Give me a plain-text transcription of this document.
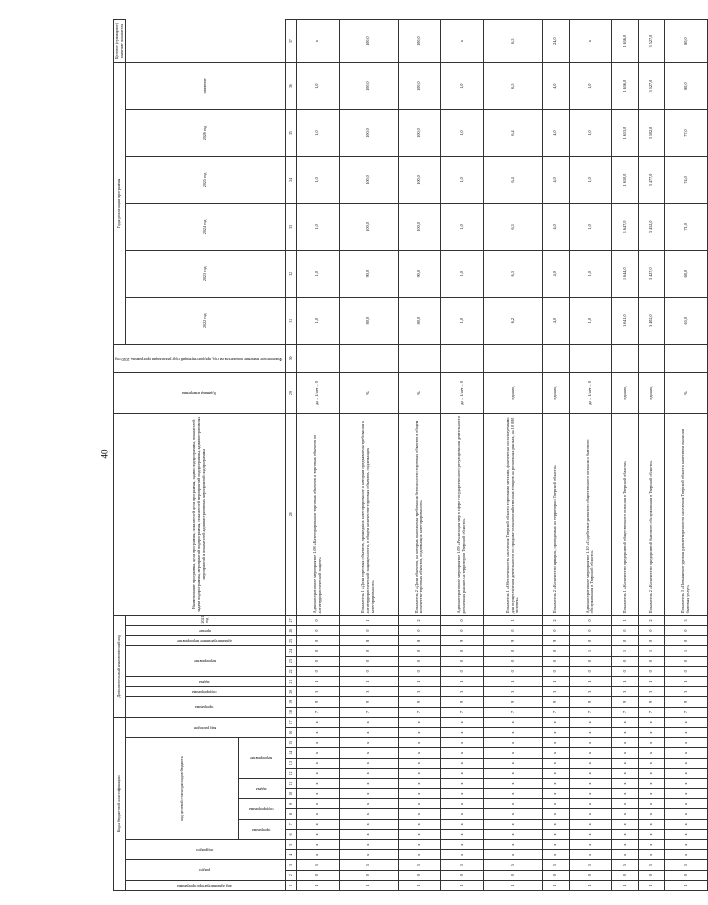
40
Коды бюджетной классификации																	Дополнительный аналитический код										Наименование программы, цели программы, показателей цели программы, задачи подпрограммы, показателей задачи подпрограммы, мероприятий подпрограммы, показателей мероприятий подпрограммы, административных мероприятий и показателей административных мероприятий подпрограммы	Единица измерения	Фактическое значение показателя на год, предшествующий году реализации программы, 2020 год	Годы реализации программы						Целевое (суммарное) значение показателя
код администратора программы	раздел		подраздел		код целевой статьи расходов бюджета										вид расходов		программа		подпрограмма	задача	мероприятие			административное мероприятие	прочие	2021 год				2022 год	2023 год	2024 год	2025 год	2026 год	значение	
					программа		подпрограмма		задача		мероприятие																									
1	2	3	4	5	6	7	8	9	10	11	12	13	14	15	16	17	18	19	20	21	22	23	24	25	26	27	28	29	30	31	32	33	34	35	36	37
1	0	5	х	х	х	х	х	х	х	х	х	х	х	х	х	х	7	9	3	1	0	0	0	0	0	0	Административное мероприятие 1.08 «Категорирование торговых объектов и торговых объектов по антитеррористической защите»	да – 1/нет – 0		1,0	1,0	1,0	1,0	1,0	1,0	х
1	0	5	х	х	х	х	х	х	х	х	х	х	х	х	х	х	7	9	3	1	0	0	0	8	0	1	Показатель 1 «Доля торговых объектов, прошедших категорирование и которым предъявлены требования к антитеррористической защищенности, в общем количестве торговых объектов, подлежащих категорированию»	%		80,0	90,0	100,0	100,0	100,0	100,0	100,0
1	0	5	х	х	х	х	х	х	х	х	х	х	х	х	х	х	7	9	3	1	0	0	0	8	0	2	Показатель 2 «Доля объектов, на которых выполнены требования безопасности торговых объектов в общем количестве торговых объектов, подлежащих категорированию»	%		80,0	90,0	100,0	100,0	100,0	100,0	100,0
1	0	5	х	х	х	х	х	х	х	х	х	х	х	х	х	х	7	9	3	1	0	0	0	9	0	0	Административное мероприятие 1.09 «Реализация мер в сфере государственного регулирования деятельности розничных рынков на территории Тверской области»	да – 1/нет – 0		1,0	1,0	1,0	1,0	1,0	1,0	х
1	0	5	х	х	х	х	х	х	х	х	х	х	х	х	х	х	7	9	3	1	0	0	0	9	0	1	Показатель 1 «Обеспеченность населения Тверской области торговыми местами, фактически используемыми для осуществления деятельности по продаже сельскохозяйственных товаров на розничных рынках, на 10 000 человек»	единиц		6,2	6,3	6,3	6,4	6,4	6,5	6,5
1	0	5	х	х	х	х	х	х	х	х	х	х	х	х	х	х	7	9	3	1	0	0	0	9	0	2	Показатель 2 «Количество ярмарок, проводимых на территории Тверской области»	единиц		4,0	4,0	4,0	4,0	4,0	4,0	24,0
1	0	5	х	х	х	х	х	х	х	х	х	х	х	х	х	х	7	9	3	1	0	0	1	0	0	0	Административное мероприятие 1.10 «Содействие развитию общественного питания и бытового обслуживания в Тверской области»	да – 1/нет – 0		1,0	1,0	1,0	1,0	1,0	1,0	х
1	0	5	х	х	х	х	х	х	х	х	х	х	х	х	х	х	7	9	3	1	0	0	1	0	0	1	Показатель 1 «Количество предприятий общественного питания в Тверской области»	единиц		1 641,0	1 644,0	1 647,0	1 650,0	1 653,0	1 656,0	1 656,0
1	0	5	х	х	х	х	х	х	х	х	х	х	х	х	х	х	7	9	3	1	0	0	1	0	0	2	Показатель 2 «Количество предприятий бытового обслуживания в Тверской области»	единиц		3 402,0	3 427,0	3 452,0	3 477,0	3 502,0	3 527,0	3 527,0
1	0	5	х	х	х	х	х	х	х	х	х	х	х	х	х	х	7	9	3	1	0	0	1	0	0	3	Показатель 3 «Повышение уровня удовлетворенности населения Тверской области качеством оказания бытовых услуг»	%		65,0	68,0	71,0	74,0	77,0	80,0	80,0
